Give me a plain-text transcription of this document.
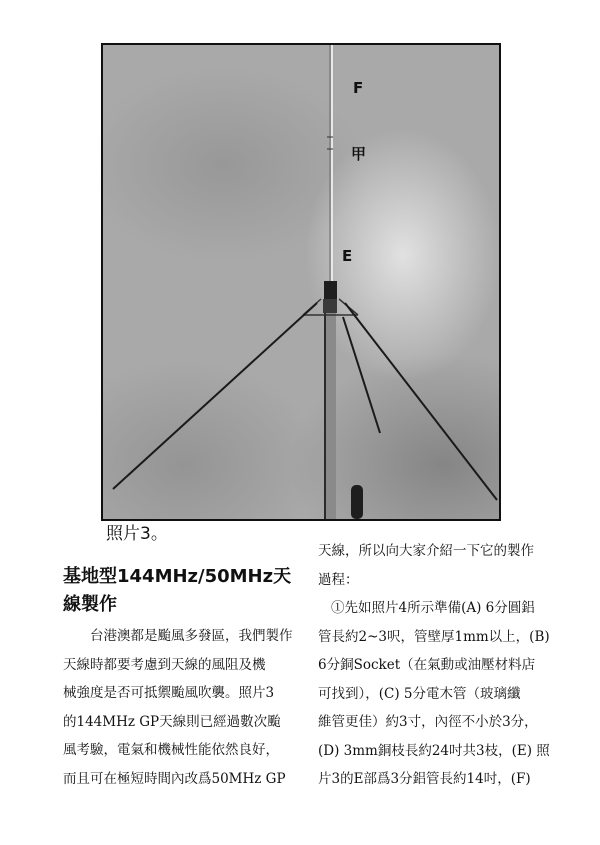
F
甲
E
照片3。
基地型144MHz/50MHz天
線製作
台港澳都是颱風多發區，我們製作
天線時都要考慮到天線的風阻及機
械強度是否可抵禦颱風吹襲。照片3
的144MHz GP天線則已經過數次颱
風考驗，電氣和機械性能依然良好，
而且可在極短時間內改爲50MHz GP
天線，所以向大家介紹一下它的製作
過程：
①先如照片4所示準備(A) 6分圓鋁
管長約2~3呎，管壁厚1mm以上，(B)
6分銅Socket（在氣動或油壓材料店
可找到），(C) 5分電木管（玻璃纖
維管更佳）約3寸，內徑不小於3分，
(D) 3mm銅枝長約24吋共3枝，(E) 照
片3的E部爲3分鋁管長約14吋，(F)
